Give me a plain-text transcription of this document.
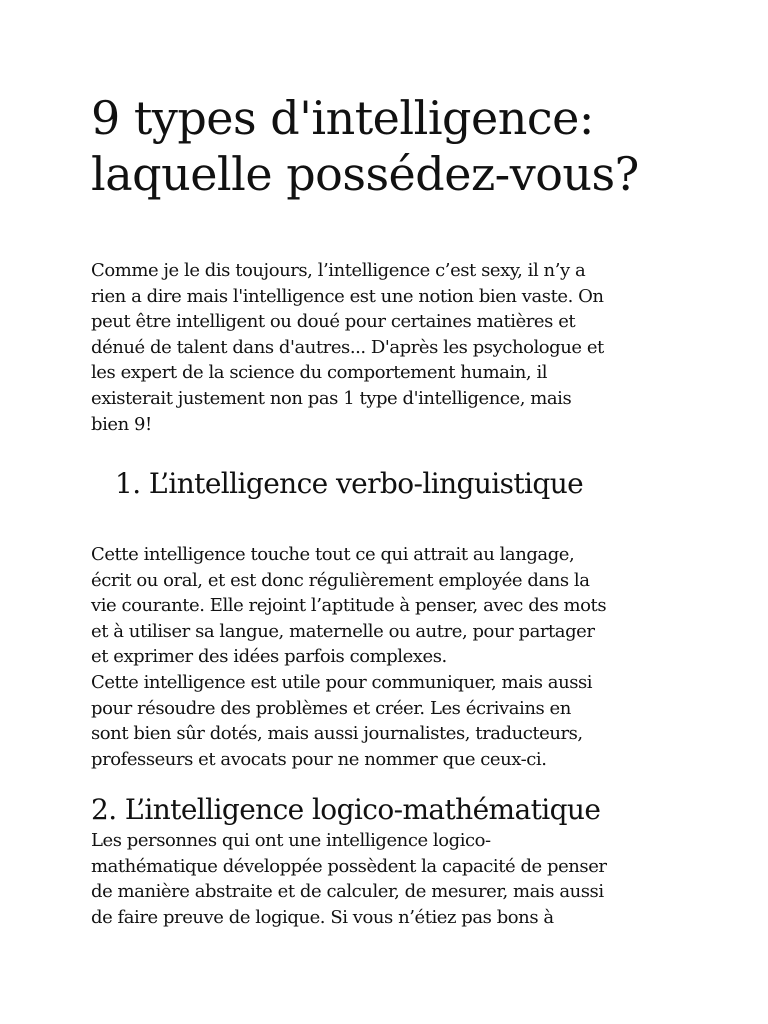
9 types d'intelligence:
laquelle possédez-vous?

Comme je le dis toujours, l’intelligence c’est sexy, il n’y a
rien a dire mais l'intelligence est une notion bien vaste. On
peut être intelligent ou doué pour certaines matières et
dénué de talent dans d'autres... D'après les psychologue et
les expert de la science du comportement humain, il
existerait justement non pas 1 type d'intelligence, mais
bien 9!

1. L’intelligence verbo-linguistique

Cette intelligence touche tout ce qui attrait au langage,
écrit ou oral, et est donc régulièrement employée dans la
vie courante. Elle rejoint l’aptitude à penser, avec des mots
et à utiliser sa langue, maternelle ou autre, pour partager
et exprimer des idées parfois complexes.
Cette intelligence est utile pour communiquer, mais aussi
pour résoudre des problèmes et créer. Les écrivains en
sont bien sûr dotés, mais aussi journalistes, traducteurs,
professeurs et avocats pour ne nommer que ceux-ci.

2. L’intelligence logico-mathématique

Les personnes qui ont une intelligence logico-
mathématique développée possèdent la capacité de penser
de manière abstraite et de calculer, de mesurer, mais aussi
de faire preuve de logique. Si vous n’étiez pas bons à
